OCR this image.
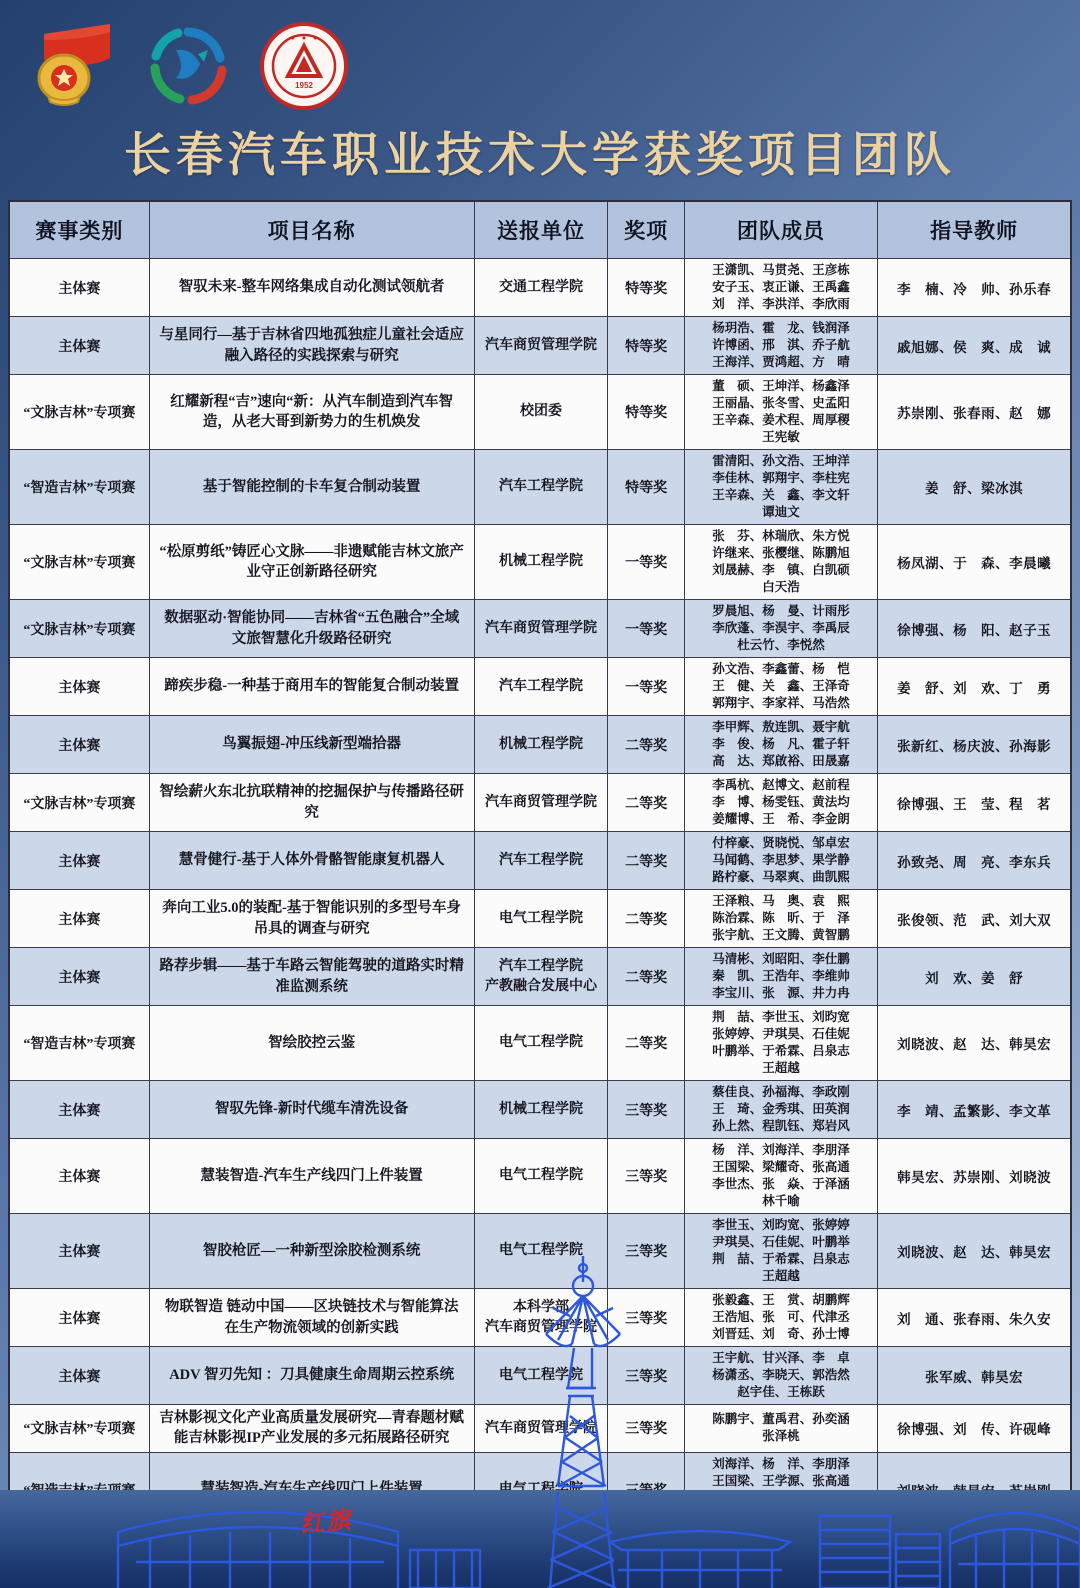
1952
●　●　●
长春汽车职业技术大学获奖项目团队
赛事类别	项目名称	送报单位	奖项	团队成员	指导教师
主体赛	智驭未来-整车网络集成自动化测试领航者	交通工程学院	特等奖	王潇凯、马贯尧、王彦栋
安子玉、衷正谦、王禹鑫
刘　洋、李洪洋、李欣雨	李　楠、冷　帅、孙乐春
主体赛	与星同行—基于吉林省四地孤独症儿童社会适应融入路径的实践探索与研究	汽车商贸管理学院	特等奖	杨玥浩、霍　龙、钱润泽
许博函、邢　淇、乔子航
王海洋、贾鸿超、方　晴	戚旭娜、侯　爽、成　诚
“文脉吉林”专项赛	红耀新程“吉”速向“新：从汽车制造到汽车智造，从老大哥到新势力的生机焕发	校团委	特等奖	董　硕、王坤洋、杨鑫泽
王丽晶、张冬雪、史孟阳
王辛森、姜术程、周厚稷
王宪敏	苏崇刚、张春雨、赵　娜
“智造吉林”专项赛	基于智能控制的卡车复合制动装置	汽车工程学院	特等奖	雷清阳、孙文浩、王坤洋
李佳林、郭翔宇、李柱宪
王辛森、关　鑫、李文轩
谭迪文	姜　舒、梁冰淇
“文脉吉林”专项赛	“松原剪纸”铸匠心文脉——非遗赋能吉林文旅产业守正创新路径研究	机械工程学院	一等奖	张　芬、林瑞欣、朱方悦
许继来、张樱继、陈鹏旭
刘晟赫、李　镇、白凯硕
白天浩	杨凤湖、于　森、李晨曦
“文脉吉林”专项赛	数据驱动·智能协同——吉林省“五色融合”全域文旅智慧化升级路径研究	汽车商贸管理学院	一等奖	罗晨旭、杨　曼、计雨彤
李欣蓬、李淏宇、李禹辰
杜云竹、李悦然	徐博强、杨　阳、赵子玉
主体赛	蹄疾步稳-一种基于商用车的智能复合制动装置	汽车工程学院	一等奖	孙文浩、李鑫蕾、杨　恺
王　健、关　鑫、王泽奇
郭翔宇、李家祥、马浩然	姜　舒、刘　欢、丁　勇
主体赛	鸟翼振翅-冲压线新型端拾器	机械工程学院	二等奖	李甲辉、敖连凯、聂宇航
李　俊、杨　凡、霍子轩
高　达、郑啟裕、田晟嘉	张新红、杨庆波、孙海影
“文脉吉林”专项赛	智绘薪火东北抗联精神的挖掘保护与传播路径研究	汽车商贸管理学院	二等奖	李禹杭、赵博文、赵前程
李　博、杨雯钰、黄法均
姜耀博、王　希、李金朗	徐博强、王　莹、程　茗
主体赛	慧骨健行-基于人体外骨骼智能康复机器人	汽车工程学院	二等奖	付梓豪、贤晓悦、邹卓宏
马闻鹤、李思梦、果学静
路柠豪、马翠爽、曲凯熙	孙致尧、周　亮、李东兵
主体赛	奔向工业5.0的装配-基于智能识别的多型号车身吊具的调查与研究	电气工程学院	二等奖	王泽粮、马　奥、袁　熙
陈治霖、陈　昕、于　泽
张宇航、王文腾、黄智鹏	张俊领、范　武、刘大双
主体赛	路荐步辑——基于车路云智能驾驶的道路实时精准监测系统	汽车工程学院
产教融合发展中心	二等奖	马清彬、刘昭阳、李仕鹏
秦　凯、王浩年、李维帅
李宝川、张　源、井力冉	刘　欢、姜　舒
“智造吉林”专项赛	智绘胶控云鉴	电气工程学院	二等奖	荆　喆、李世玉、刘昀宽
张婷婷、尹琪昊、石佳妮
叶鹏举、于希霖、吕泉志
王超越	刘晓波、赵　达、韩昊宏
主体赛	智驭先锋-新时代缆车清洗设备	机械工程学院	三等奖	蔡佳良、孙福海、李政刚
王　琦、金秀琪、田英润
孙上然、程凯钰、郑岩风	李　靖、孟繁影、李文革
主体赛	慧装智造-汽车生产线四门上件装置	电气工程学院	三等奖	杨　洋、刘海洋、李朋泽
王国梁、梁耀奇、张高通
李世杰、张　焱、于泽涵
林千喻	韩昊宏、苏崇刚、刘晓波
主体赛	智胶枪匠—一种新型涂胶检测系统	电气工程学院	三等奖	李世玉、刘昀宽、张婷婷
尹琪昊、石佳妮、叶鹏举
荆　喆、于希霖、吕泉志
王超越	刘晓波、赵　达、韩昊宏
主体赛	物联智造 链动中国——区块链技术与智能算法在生产物流领域的创新实践	本科学部
汽车商贸管理学院	三等奖	张毅鑫、王　赏、胡鹏辉
王浩旭、张　可、代津丞
刘晋廷、刘　奇、孙士博	刘　通、张春雨、朱久安
主体赛	ADV 智刃先知 ：刀具健康生命周期云控系统	电气工程学院	三等奖	王宇航、甘兴泽、李　卓
杨潇丞、李晓天、郭浩然
赵宇佳、王栋跃	张军威、韩昊宏
“文脉吉林”专项赛	吉林影视文化产业高质量发展研究—青春题材赋能吉林影视IP产业发展的多元拓展路径研究	汽车商贸管理学院	三等奖	陈鹏宇、董禹君、孙奕涵
张泽桃	徐博强、刘　传、许砚峰
				刘海洋、杨　洋、李朋泽
王国梁、王学源、张高通

红旗
